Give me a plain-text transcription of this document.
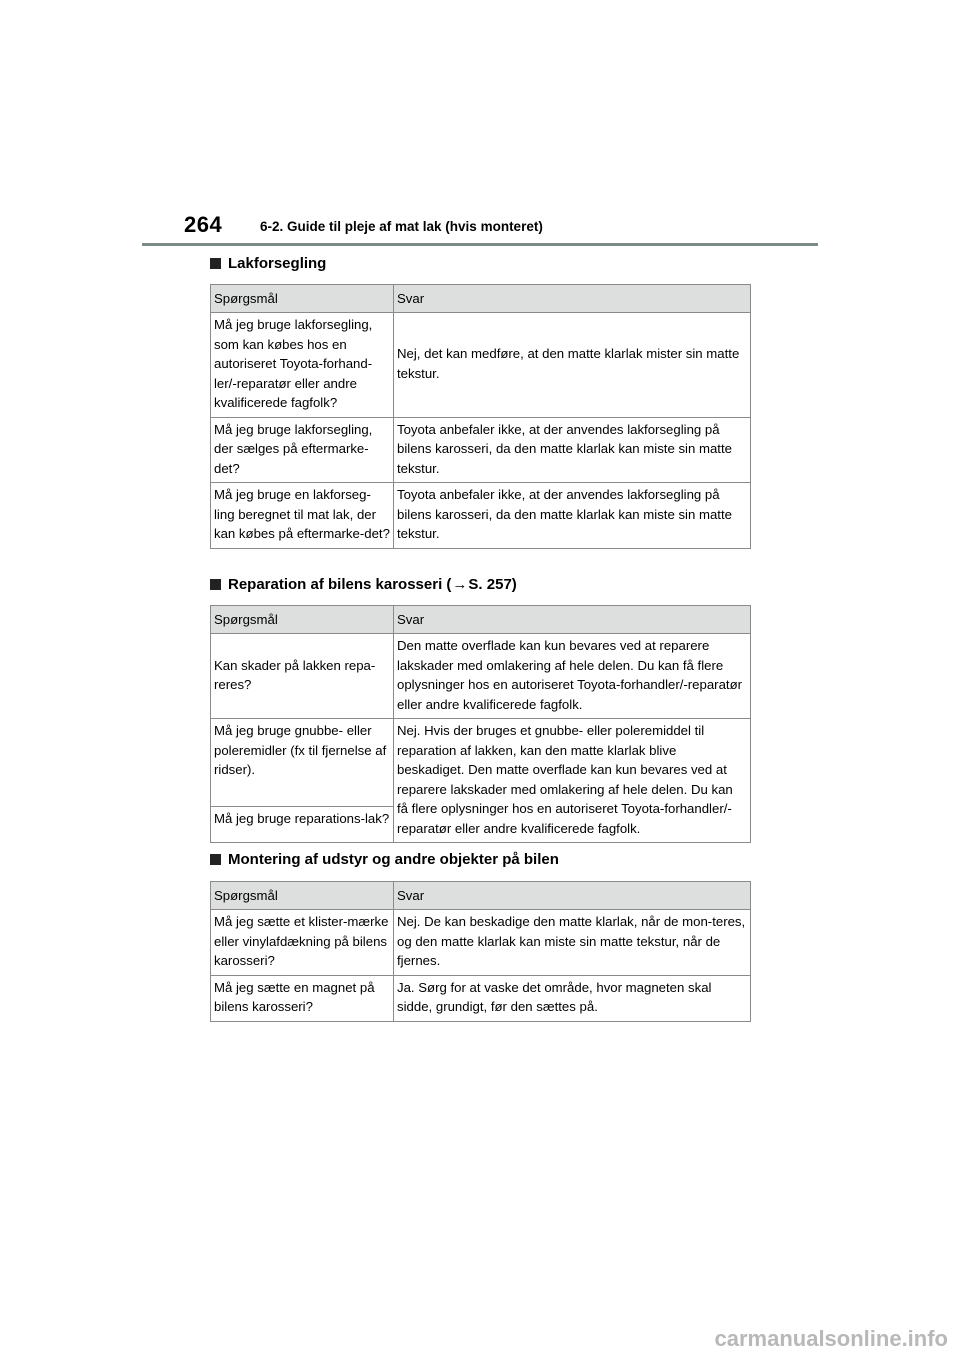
264	6-2. Guide til pleje af mat lak (hvis monteret)
Lakforsegling
Spørgsmål	Svar
Må jeg bruge lakforsegling, som kan købes hos en autoriseret Toyota-forhand-ler/-reparatør eller andre kvalificerede fagfolk?	Nej, det kan medføre, at den matte klarlak mister sin matte tekstur.
Må jeg bruge lakforsegling, der sælges på eftermarke-det?	Toyota anbefaler ikke, at der anvendes lakforsegling på bilens karosseri, da den matte klarlak kan miste sin matte tekstur.
Må jeg bruge en lakforseg-ling beregnet til mat lak, der kan købes på eftermarke-det?	Toyota anbefaler ikke, at der anvendes lakforsegling på bilens karosseri, da den matte klarlak kan miste sin matte tekstur.
Reparation af bilens karosseri ( → S. 257)
Spørgsmål	Svar
Kan skader på lakken repa-reres?	Den matte overflade kan kun bevares ved at reparere lakskader med omlakering af hele delen. Du kan få flere oplysninger hos en autoriseret Toyota-forhandler/-reparatør eller andre kvalificerede fagfolk.
Må jeg bruge gnubbe- eller poleremidler (fx til fjernelse af ridser).	Nej. Hvis der bruges et gnubbe- eller poleremiddel til reparation af lakken, kan den matte klarlak blive beskadiget. Den matte overflade kan kun bevares ved at reparere lakskader med omlakering af hele delen. Du kan få flere oplysninger hos en autoriseret Toyota-forhandler/-reparatør eller andre kvalificerede fagfolk.
Må jeg bruge reparations-lak?	
Montering af udstyr og andre objekter på bilen
Spørgsmål	Svar
Må jeg sætte et klister-mærke eller vinylafdækning på bilens karosseri?	Nej. De kan beskadige den matte klarlak, når de mon-teres, og den matte klarlak kan miste sin matte tekstur, når de fjernes.
Må jeg sætte en magnet på bilens karosseri?	Ja. Sørg for at vaske det område, hvor magneten skal sidde, grundigt, før den sættes på.
carmanualsonline.info
